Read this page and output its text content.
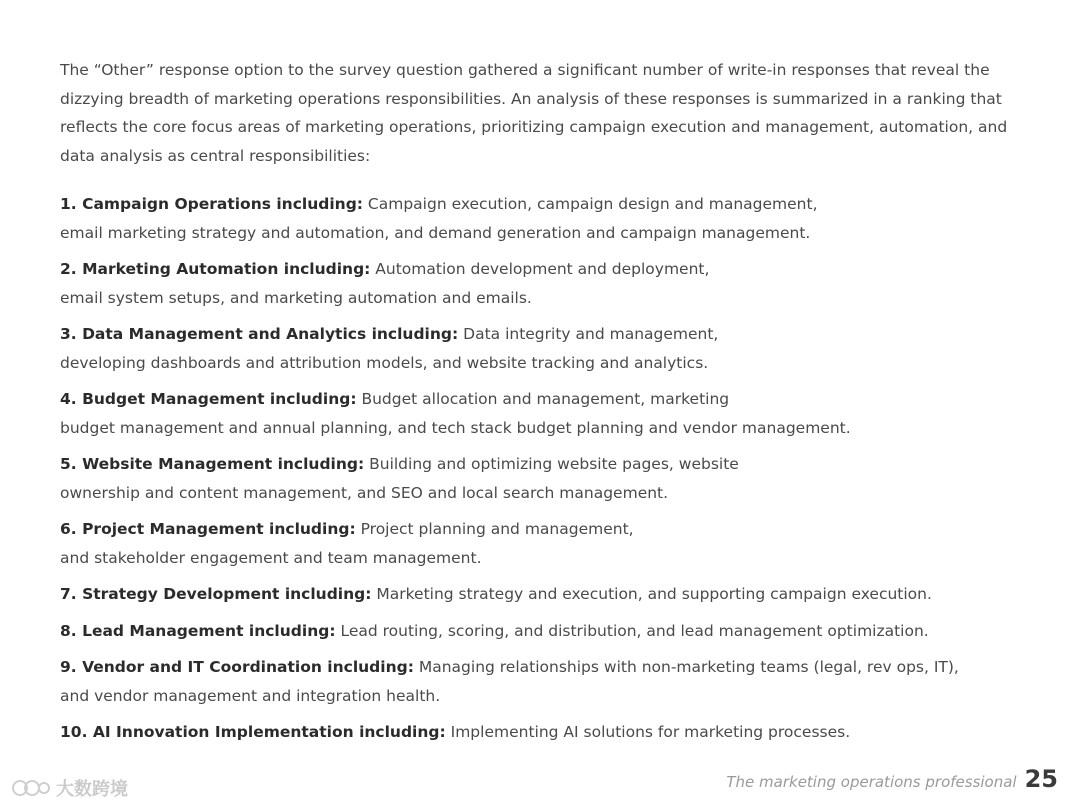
The “Other” response option to the survey question gathered a significant number of write-in responses that reveal the dizzying breadth of marketing operations responsibilities. An analysis of these responses is summarized in a ranking that reflects the core focus areas of marketing operations, prioritizing campaign execution and management, automation, and data analysis as central responsibilities:

1. Campaign Operations including: Campaign execution, campaign design and management,
email marketing strategy and automation, and demand generation and campaign management.
2. Marketing Automation including: Automation development and deployment,
email system setups, and marketing automation and emails.
3. Data Management and Analytics including: Data integrity and management,
developing dashboards and attribution models, and website tracking and analytics.
4. Budget Management including: Budget allocation and management, marketing
budget management and annual planning, and tech stack budget planning and vendor management.
5. Website Management including: Building and optimizing website pages, website
ownership and content management, and SEO and local search management.
6. Project Management including: Project planning and management,
and stakeholder engagement and team management.
7. Strategy Development including: Marketing strategy and execution, and supporting campaign execution.
8. Lead Management including: Lead routing, scoring, and distribution, and lead management optimization.
9. Vendor and IT Coordination including: Managing relationships with non-marketing teams (legal, rev ops, IT),
and vendor management and integration health.
10. AI Innovation Implementation including: Implementing AI solutions for marketing processes.
大数跨境	The marketing operations professional 25
